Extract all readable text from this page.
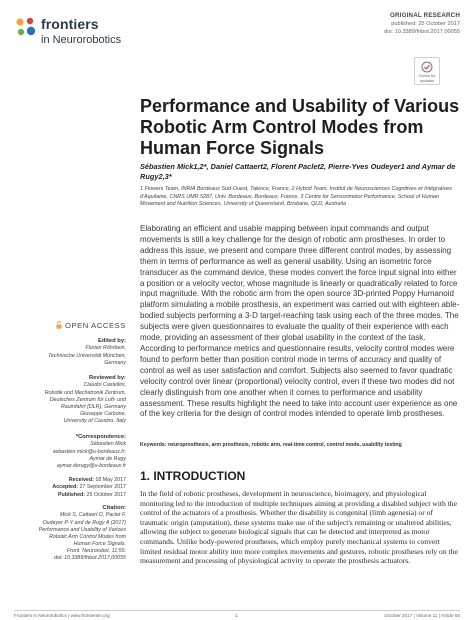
frontiers
in Neurorobotics
ORIGINAL RESEARCH
published: 25 October 2017
doi: 10.3389/fnbot.2017.00055
Check for updates
Performance and Usability of Various Robotic Arm Control Modes from Human Force Signals
Sébastien Mick1,2*, Daniel Cattaert2, Florent Paclet2, Pierre-Yves Oudeyer1 and Aymar de Rugy2,3*
1 Flowers Team, INRIA Bordeaux Sud-Ouest, Talence, France, 2 Hybrid Team, Institut de Neurosciences Cognitives et Intégratives d'Aquitaine, CNRS UMR 5287, Univ. Bordeaux, Bordeaux, France, 3 Centre for Sensorimotor Performance, School of Human Movement and Nutrition Sciences, University of Queensland, Brisbane, QLD, Australia

Elaborating an efficient and usable mapping between input commands and output movements is still a key challenge for the design of robotic arm prostheses. In order to address this issue, we present and compare three different control modes, by assessing them in terms of performance as well as general usability. Using an isometric force transducer as the command device, these modes convert the force input signal into either a position or a velocity vector, whose magnitude is linearly or quadratically related to force input magnitude. With the robotic arm from the open source 3D-printed Poppy Humanoid platform simulating a mobile prosthesis, an experiment was carried out with eighteen able-bodied subjects performing a 3-D target-reaching task using each of the three modes. The subjects were given questionnaires to evaluate the quality of their experience with each mode, providing an assessment of their global usability in the context of the task. According to performance metrics and questionnaire results, velocity control modes were found to perform better than position control mode in terms of accuracy and quality of control as well as user satisfaction and comfort. Subjects also seemed to favor quadratic velocity control over linear (proportional) velocity control, even if these two modes did not clearly distinguish from one another when it comes to performance and usability assessment. These results highlight the need to take into account user experience as one of the key criteria for the design of control modes intended to operate limb prostheses.

Keywords: neuroprosthesis, arm prosthesis, robotic arm, real-time control, control mode, usability testing

1. INTRODUCTION

In the field of robotic prostheses, development in neuroscience, bioimagery, and physiological monitoring led to the introduction of multiple techniques aiming at providing a disabled subject with the control of the actuators of a prosthesis. Whether the disability is congenital (limb agenesia) or of traumatic origin (amputation), these systems make use of the subject's remaining or unaltered abilities, allowing the subject to generate biological signals that can be detected and interpreted as motor commands. Unlike body-powered prostheses, which employ purely mechanical systems to convert limited residual motor ability into more complex movements and gestures, robotic prostheses rely on the measurement and processing of physiological activity to operate the prosthesis actuators.

OPEN ACCESS
Edited by:
Florian Röhrbein,
Technische Universität München,
Germany
Reviewed by:
Claudio Castellini,
Robotik und Mechatronik Zentrum,
Deutsches Zentrum für Luft- und
Raumfahrt (DLR), Germany
Giuseppe Carbone,
University of Cassino, Italy
*Correspondence:
Sébastien Mick
sebastien.mick@u-bordeaux.fr;
Aymar de Rugy
aymar.derugy@u-bordeaux.fr
Received: 18 May 2017
Accepted: 27 September 2017
Published: 25 October 2017
Citation:
Mick S, Cattaert D, Paclet F,
Oudeyer P-Y and de Rugy A (2017)
Performance and Usability of Various
Robotic Arm Control Modes from
Human Force Signals.
Front. Neurorobot. 11:55.
doi: 10.3389/fnbot.2017.00055
Frontiers in Neurorobotics | www.frontiersin.org	1	October 2017 | Volume 11 | Article 55
